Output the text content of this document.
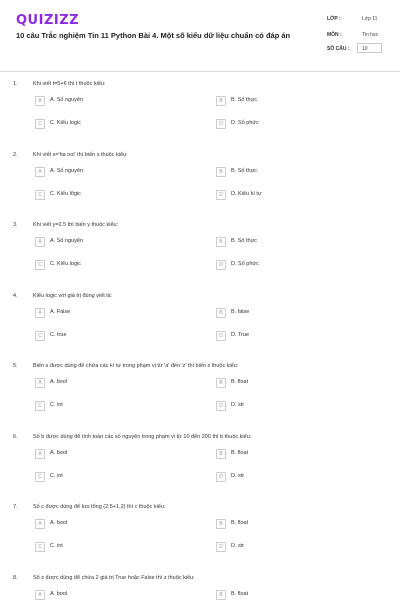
QUIZIZZ
10 câu Trắc nghiệm Tin 11 Python Bài 4. Một số kiểu dữ liệu chuẩn có đáp án
LỚP :	Lớp 11
MÔN :	Tin học
SỐ CÂU :	10
1.	Khi viết t=5+6 thì t thuộc kiểu:
A	A. Số nguyên	B	B. Số thực
C	C. Kiểu logic	D	D. Số phức
2.	Khi viết s='ha noi' thì biến s thuộc kiểu:
A	A. Số nguyên	B	B. Số thực
C	C. Kiểu lôgic	D	D. Kiểu kí tự
3.	Khi viết y=2.5 thì biến y thuộc kiểu:
A	A. Số nguyên	B	B. Số thực
C	C. Kiểu logic	D	D. Số phức
4.	Kiểu logic với giá trị đúng viết là:
A	A. False	B	B. false
C	C. true	D	D. True
5.	Biến s được dùng để chứa các kí tự trong phạm vi từ 'a' đến 'z' thì biến s thuộc kiểu:
A	A. bool	B	B. float
C	C. int	D	D. str
6.	Số b được dùng để tính toán các số nguyên trong phạm vi từ 10 đến 200 thì b thuộc kiểu:
A	A. bool	B	B. float
C	C. int	D	D. str
7.	Số c được dùng để lưu tổng (2.5+1.2) thì c thuộc kiểu:
A	A. bool	B	B. float
C	C. int	D	D. str
8.	Số z được dùng để chứa 2 giá trị True hoặc False thì z thuộc kiểu:
A	A. bool	B	B. float
